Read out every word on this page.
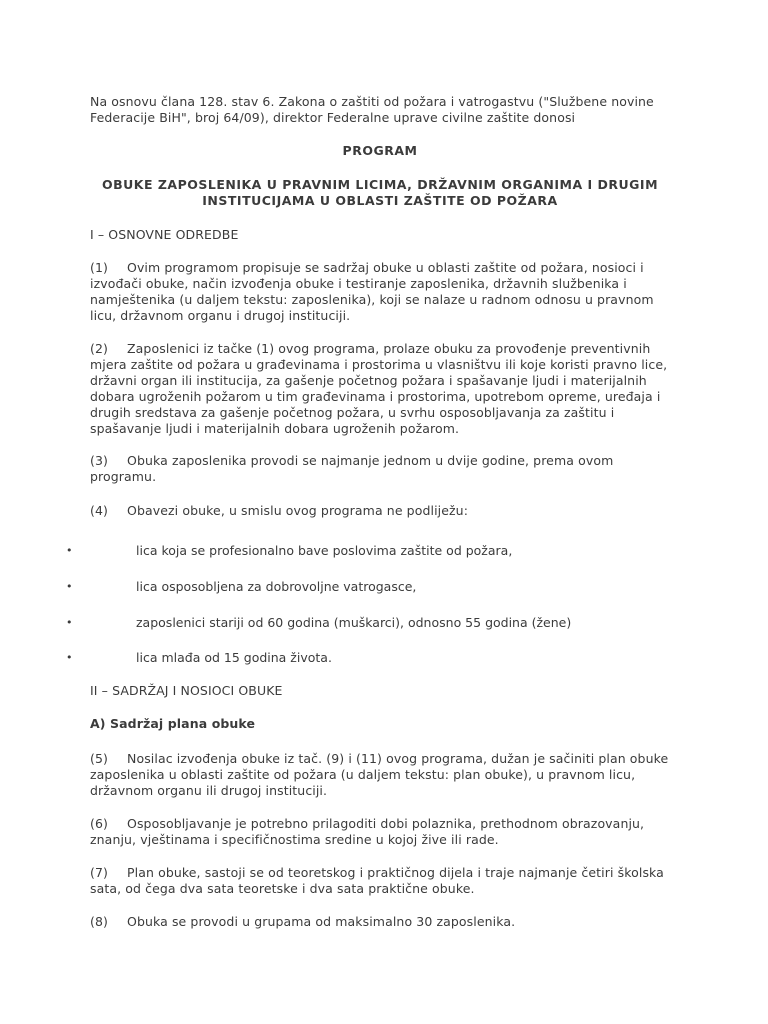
Na osnovu člana 128. stav 6. Zakona o zaštiti od požara i vatrogastvu ("Službene novine Federacije BiH", broj 64/09), direktor Federalne uprave civilne zaštite donosi
PROGRAM
OBUKE ZAPOSLENIKA U PRAVNIM LICIMA, DRŽAVNIM ORGANIMA I DRUGIM INSTITUCIJAMA U OBLASTI ZAŠTITE OD POŽARA
I – OSNOVNE ODREDBE
(1) Ovim programom propisuje se sadržaj obuke u oblasti zaštite od požara, nosioci i izvođači obuke, način izvođenja obuke i testiranje zaposlenika, državnih službenika i namještenika (u daljem tekstu: zaposlenika), koji se nalaze u radnom odnosu u pravnom licu, državnom organu i drugoj instituciji.
(2) Zaposlenici iz tačke (1) ovog programa, prolaze obuku za provođenje preventivnih mjera zaštite od požara u građevinama i prostorima u vlasništvu ili koje koristi pravno lice, državni organ ili institucija, za gašenje početnog požara i spašavanje ljudi i materijalnih dobara ugroženih požarom u tim građevinama i prostorima, upotrebom opreme, uređaja i drugih sredstava za gašenje početnog požara, u svrhu osposobljavanja za zaštitu i spašavanje ljudi i materijalnih dobara ugroženih požarom.
(3) Obuka zaposlenika provodi se najmanje jednom u dvije godine, prema ovom programu.
(4) Obavezi obuke, u smislu ovog programa ne podliježu:
•	lica koja se profesionalno bave poslovima zaštite od požara,
•	lica osposobljena za dobrovoljne vatrogasce,
•	zaposlenici stariji od 60 godina (muškarci), odnosno 55 godina (žene)
•	lica mlađa od 15 godina života.
II – SADRŽAJ I NOSIOCI OBUKE
A) Sadržaj plana obuke
(5) Nosilac izvođenja obuke iz tač. (9) i (11) ovog programa, dužan je sačiniti plan obuke zaposlenika u oblasti zaštite od požara (u daljem tekstu: plan obuke), u pravnom licu, državnom organu ili drugoj instituciji.
(6) Osposobljavanje je potrebno prilagoditi dobi polaznika, prethodnom obrazovanju, znanju, vještinama i specifičnostima sredine u kojoj žive ili rade.
(7) Plan obuke, sastoji se od teoretskog i praktičnog dijela i traje najmanje četiri školska sata, od čega dva sata teoretske i dva sata praktične obuke.
(8) Obuka se provodi u grupama od maksimalno 30 zaposlenika.
